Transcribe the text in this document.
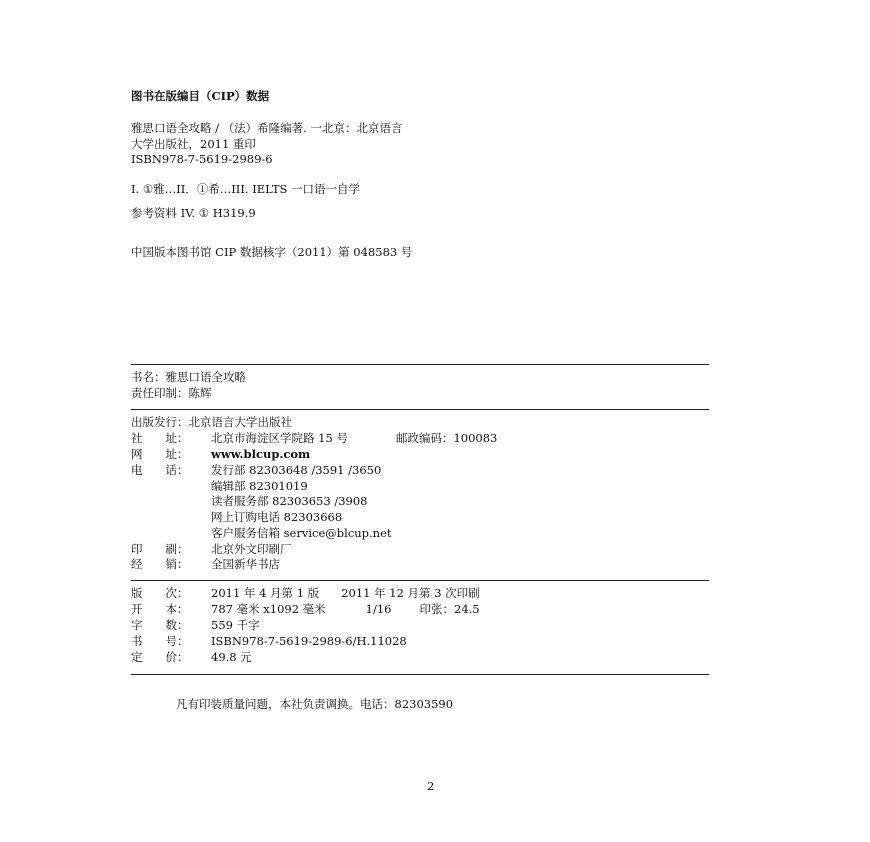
图书在版编目（CIP）数据
雅思口语全攻略 / （法）希隆编著. 一北京：北京语言
大学出版社，2011 重印
ISBN978-7-5619-2989-6
I. ①雅…II．①希…III. IELTS 一口语一自学
参考资料 IV. ① H319.9
中国版本图书馆 CIP 数据核字（2011）第 048583 号
书名：雅思口语全攻略
责任印制：陈辉
出版发行：北京语言大学出版社
社　　址： 北京市海淀区学院路 15 号	邮政编码：100083
网　　址： www.blcup.com
电　　话： 发行部 82303648 /3591 /3650
编辑部 82301019
读者服务部 82303653 /3908
网上订购电话 82303668
客户服务信箱 service@blcup.net
印　　刷： 北京外文印刷厂
经　　销： 全国新华书店
版　　次： 2011 年 4 月第 1 版 2011 年 12 月第 3 次印刷
开　　本： 787 毫米 x1092 毫米	1/16 印张：24.5
字　　数： 559 千字
书　　号： ISBN978-7-5619-2989-6/H.11028
定　　价： 49.8 元
凡有印装质量问题，本社负责调换。电话：82303590
2
